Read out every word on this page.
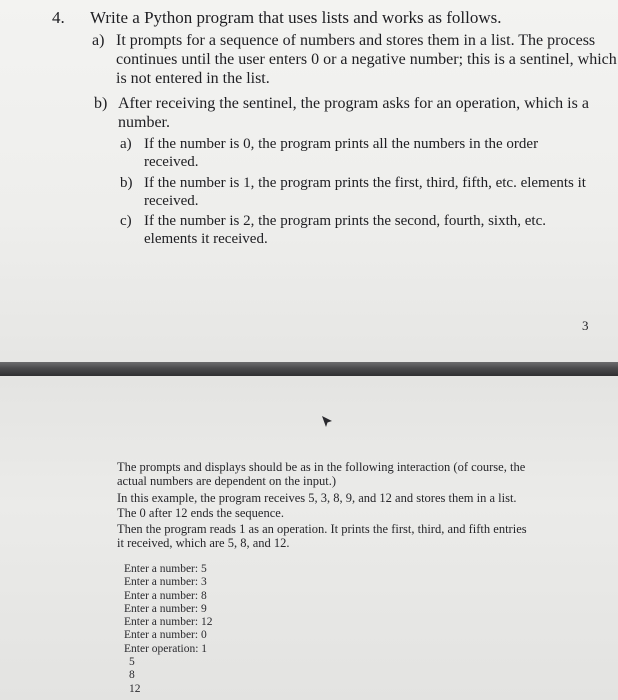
4. Write a Python program that uses lists and works as follows.
a) It prompts for a sequence of numbers and stores them in a list. The process
continues until the user enters 0 or a negative number; this is a sentinel, which
is not entered in the list.
b) After receiving the sentinel, the program asks for an operation, which is a
number.
a) If the number is 0, the program prints all the numbers in the order
received.
b) If the number is 1, the program prints the first, third, fifth, etc. elements it
received.
c) If the number is 2, the program prints the second, fourth, sixth, etc.
elements it received.
3
The prompts and displays should be as in the following interaction (of course, the
actual numbers are dependent on the input.)
In this example, the program receives 5, 3, 8, 9, and 12 and stores them in a list.
The 0 after 12 ends the sequence.
Then the program reads 1 as an operation. It prints the first, third, and fifth entries
it received, which are 5, 8, and 12.
Enter a number: 5
Enter a number: 3
Enter a number: 8
Enter a number: 9
Enter a number: 12
Enter a number: 0
Enter operation: 1
5
8
12
